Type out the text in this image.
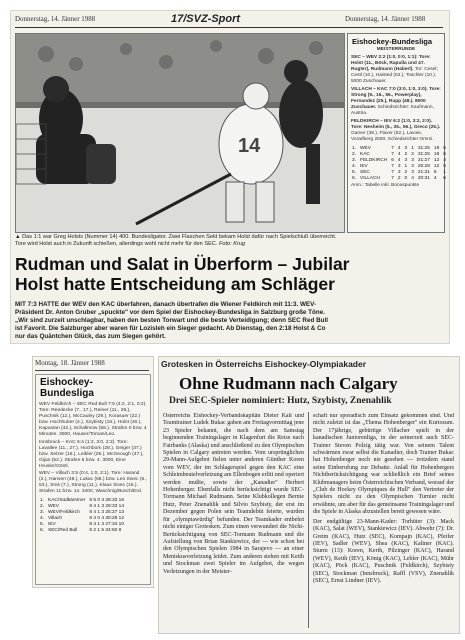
Donnerstag, 14. Jänner 1988	17/SVZ-Sport	Donnerstag, 14. Jänner 1988
14
Eishockey-Bundesliga
MEISTERRUNDE
SEC – WEV 2:2 (1:0, 0:0, 1:1): Tore: Holst (11., Böck, Rapulla und 47. Rugter), Rudmann (Haberl). Tor: Cesel; Cestl (10.), Haisted (53.); Toschler (10.), 5000 Zuschauer.
VILLACH – KAC 7:0 (3:0, 1:0, 3:0). Tore: Strong (9., 16., 56., Powerplay), Fernandez (25.), Rupp (48.). 8000 Zuschauer. Schiedsrichter: Kaufmann, Austria.
FELDKIRCH – IEV 6:2 (1:0, 3:2, 2:0). Tore: Nesheim (5., 35., 56.), Greco (25.). Gamer (39.), Flaxer (52.), Lavoie, Vorarlberg 2500. Schiedsrichter Ommi.
1.	WEV	7	4	3	1	31:25	18	6
2.	KAC	7	4	2	2	31:25	16	6
3.	FELDKIRCH	6	4	3	3	21:27	12	4
4.	IEV	7	3	1	3	25:28	12	5
5.	SEC	7	3	2	3	21:31	8	1
6.	VILLACH	7	2	0	4	20:31	4	6
Anm.: Tabelle inkl. Bonuspunkte
▲ Das 1:1 war Greg Holsts (Nummer 14) 400. Bundesligator. Zwei Flaschen Sekt bekam Holst dafür nach Spielschluß überreicht. Tore wird Holst auch in Zukunft schießen, allerdings wohl nicht mehr für den SEC. Foto: Krug
Rudman und Salat in Überform – Jubilar
Holst hatte Entscheidung am Schläger
MIT 7:3 HATTE der WEV den KAC überfahren, danach übertrafen die Wiener Feldkirch mit 11:3. WEV-Präsident Dr. Anton Gruber „spuckte" vor dem Spiel der Eishockey-Bundesliga in Salzburg große Töne. „Wir sind zurzeit unschlagbar, haben den besten Torwart und die beste Verteidigung; denn SEC Red Bull ist Favorit. Die Salzburger aber waren für Lozisleh ein Sieger gedacht. Ab Dienstag, den 2:18 Holst & Co nur das Quäntchen Glück, das zum Siegen gehört.
Montag, 18. Jänner 1988
Eishockey-
Bundesliga
WEV Feldkirch – SEC Red Bull 7:5 (4:2, 2:1, 0:2). Tore: Reedecke (7., 17.), Reiner (11., 26.), Puschnik (12.), McCauley (29.), Korasuer (22.) bzw. Hochhuber (4.), Szybisty (16.), Holst (40.), Kapustan (42.), Schallmow (58.). Strafen 0 bzw. 4 Minuten. 3500, Hauser/Toman/Leo.
Innsbruck – KAC 6:4 (1:2, 3:0, 2:2). Tore: Lavallee (11., 27.), Hochbom (28.), Geiger (37.) bzw. Selzer (15.), Leibler (25.), McGeough (47.), Gijan (52.). Strafen 6 bzw. 4. 3000, Eine Hrusler/Göstl.
WEV – Villach 3:5 (0:4, 1:0, 2:1). Tore: Harand (2.), Hansen (48.), Lukac (56.) bzw. Leo Sivec (6., 53.), Smk (7.), Strong (11.), Klaus Sivec (15.). Strafen 11 bzw. 14. 3400, Waschnig/Busch/Erd.
1.	KAC/Südkärntner	8 5 0 3 28:33 16
2.	WEV	8 4 1 3 29:33 14
3.	WEV/Feldkirch	8 4 1 3 25:27 13
4.	Villach	8 4 0 4 30:28 12
5.	IEV	8 4 1 3 27:34 10
6.	SEC/Red Bull	8 2 1 5 34:50 8
Grotesken in Österreichs Eishockey-Olympiakader
Ohne Rudmann nach Calgary
Drei SEC-Spieler nominiert: Hutz, Szybisty, Znenahlik
Österreichs Eishockey-Verbandskapitän Dieter Kalt und Teamtrainer Ludek Bukac gaben am Freitagvormittag jene 23 Spieler bekannt, die nach dem am Samstag beginnenden Trainingslager in Klagenfurt die Reise nach Fairbanks (Alaska) und anschließend zu den Olympischen Spielen in Calgary antreten werden. Vom ursprünglichen 29-Mann-Aufgebot fielen unter anderen Günther Koren vom WEV, der im Schlagerspiel gegen den KAC eine Schleimbeutelverletzung am Ellenbogen erlitt und operiert werden mußte, sowie der „Kanadier" Herbert Hohenberger. Ebenfalls nicht berücksichtigt wurde SEC-Tormann Michael Rudmann. Seine Klubkollegen Bernie Hutz, Peter Znenahlik und Silvio Szybisty, der erst im Dezember gegen Polen sein Teamdebüt feierte, wurden für „olympiawürdig" befunden. Der Teamkader entbehrt nicht einiger Grotesken. Zum einen verwundert die Nicht-Berücksichtigung von SEC-Tormann Rudmann und die Aufstellung von Brian Stankiewicz, der — wie schon bei den Olympischen Spielen 1984 in Sarajevo — an einer Meniskusverletzung leidet. Zum anderen stehen mit Keith und Stockman zwei Spieler im Aufgebot, die wegen Verletzungen in der Meister-
schaft nur sporadisch zum Einsatz gekommen sind. Und nicht zuletzt ist das „Thema Hohenberger" ein Kuriosum. Der 17jährige, gebürtige Villacher spielt in der kanadischen Juniorenliga, in der seinerzeit auch SEC-Trainer Steven Polzig tätig war. Von seinem Talent schwärmen zwar selbst die Kanadier, doch Trainer Bukac hat Hohenberger noch nie gesehen — trotzdem stand seine Einberufung zur Debatte. Anlaß für Hohenbergers Nichtberücksichtigung war schließlich ein Brief seines Klubmanagers beim Österreichischen Verband, worauf der „Club de Hockey Olympiques de Hull" den Vertreter der Spielers nicht zu den Olympischen Turnier nicht erwähnte, um aber für das gemeinsame Trainingslager und die Spiele in Alaska abzustellen bereit gewesen wäre.
Der endgültige 23-Mann-Kader: Torhüter (3): Mack (KAC), Salat (WEV), Stankiewicz (IEV). Abwehr (7): Dr. Greim (KAC), Hutz (SEC), Kompajn (KAC), Pfeifer (IEV), Sadler (WEV), Shea (KAC), Kaltner (KAC). Sturm (13): Koren, Kerth, Pilzinger (KAC), Harand (WEV), Keith (IEV), König (KAC), Lebler (KAC), Mühr (KAC), Pöck (KAC), Puschnik (Feldkirch), Szybisty (SEC), Stockman (Innsbruck), Raffl (VSV), Znenahlik (SEC), Ernst Lindner (IEV).
